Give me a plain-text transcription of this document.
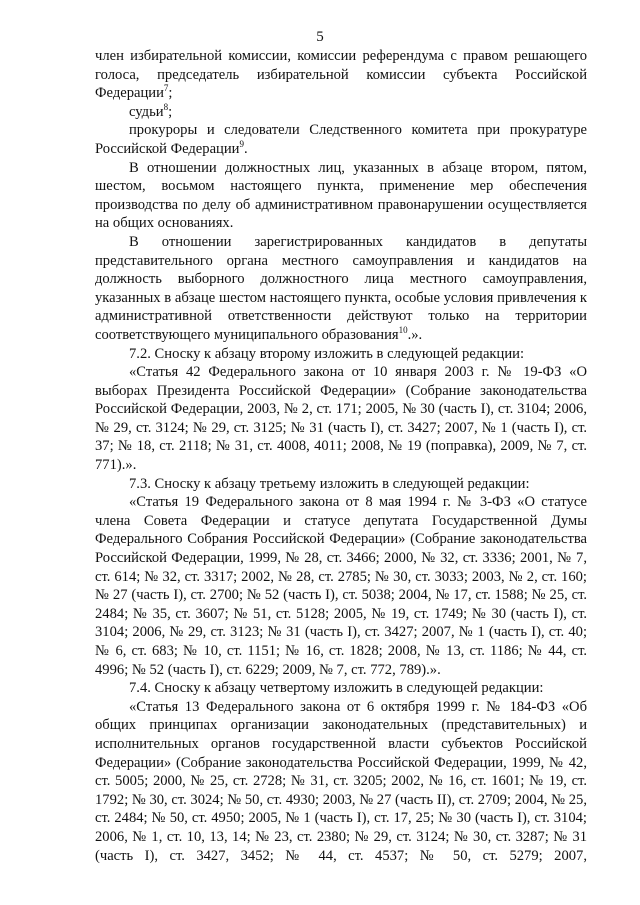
5

член избирательной комиссии, комиссии референдума с правом решающего голоса, председатель избирательной комиссии субъекта Российской Федерации$^7$;

судьи$^8$;

прокуроры и следователи Следственного комитета при прокуратуре Российской Федерации$^9$.

В отношении должностных лиц, указанных в абзаце втором, пятом, шестом, восьмом настоящего пункта, применение мер обеспечения производства по делу об административном правонарушении осуществляется на общих основаниях.

В отношении зарегистрированных кандидатов в депутаты представительного органа местного самоуправления и кандидатов на должность выборного должностного лица местного самоуправления, указанных в абзаце шестом настоящего пункта, особые условия привлечения к административной ответственности действуют только на территории соответствующего муниципального образования$^{10}$.».

7.2. Сноску к абзацу второму изложить в следующей редакции:

«Статья 42 Федерального закона от 10 января 2003 г. № 19-ФЗ «О выборах Президента Российской Федерации» (Собрание законодательства Российской Федерации, 2003, № 2, ст. 171; 2005, № 30 (часть I), ст. 3104; 2006, № 29, ст. 3124; № 29, ст. 3125; № 31 (часть I), ст. 3427; 2007, № 1 (часть I), ст. 37; № 18, ст. 2118; № 31, ст. 4008, 4011; 2008, № 19 (поправка), 2009, № 7, ст. 771).».

7.3. Сноску к абзацу третьему изложить в следующей редакции:

«Статья 19 Федерального закона от 8 мая 1994 г. № 3-ФЗ «О статусе члена Совета Федерации и статусе депутата Государственной Думы Федерального Собрания Российской Федерации» (Собрание законодательства Российской Федерации, 1999, № 28, ст. 3466; 2000, № 32, ст. 3336; 2001, № 7, ст. 614; № 32, ст. 3317; 2002, № 28, ст. 2785; № 30, ст. 3033; 2003, № 2, ст. 160; № 27 (часть I), ст. 2700; № 52 (часть I), ст. 5038; 2004, № 17, ст. 1588; № 25, ст. 2484; № 35, ст. 3607; № 51, ст. 5128; 2005, № 19, ст. 1749; № 30 (часть I), ст. 3104; 2006, № 29, ст. 3123; № 31 (часть I), ст. 3427; 2007, № 1 (часть I), ст. 40; № 6, ст. 683; № 10, ст. 1151; № 16, ст. 1828; 2008, № 13, ст. 1186; № 44, ст. 4996; № 52 (часть I), ст. 6229; 2009, № 7, ст. 772, 789).».

7.4. Сноску к абзацу четвертому изложить в следующей редакции:

«Статья 13 Федерального закона от 6 октября 1999 г. № 184-ФЗ «Об общих принципах организации законодательных (представительных) и исполнительных органов государственной власти субъектов Российской Федерации» (Собрание законодательства Российской Федерации, 1999, № 42, ст. 5005; 2000, № 25, ст. 2728; № 31, ст. 3205; 2002, № 16, ст. 1601; № 19, ст. 1792; № 30, ст. 3024; № 50, ст. 4930; 2003, № 27 (часть II), ст. 2709; 2004, № 25, ст. 2484; № 50, ст. 4950; 2005, № 1 (часть I), ст. 17, 25; № 30 (часть I), ст. 3104; 2006, № 1, ст. 10, 13, 14; № 23, ст. 2380; № 29, ст. 3124; № 30, ст. 3287; № 31 (часть I), ст. 3427, 3452; № 44, ст. 4537; № 50, ст. 5279; 2007,
